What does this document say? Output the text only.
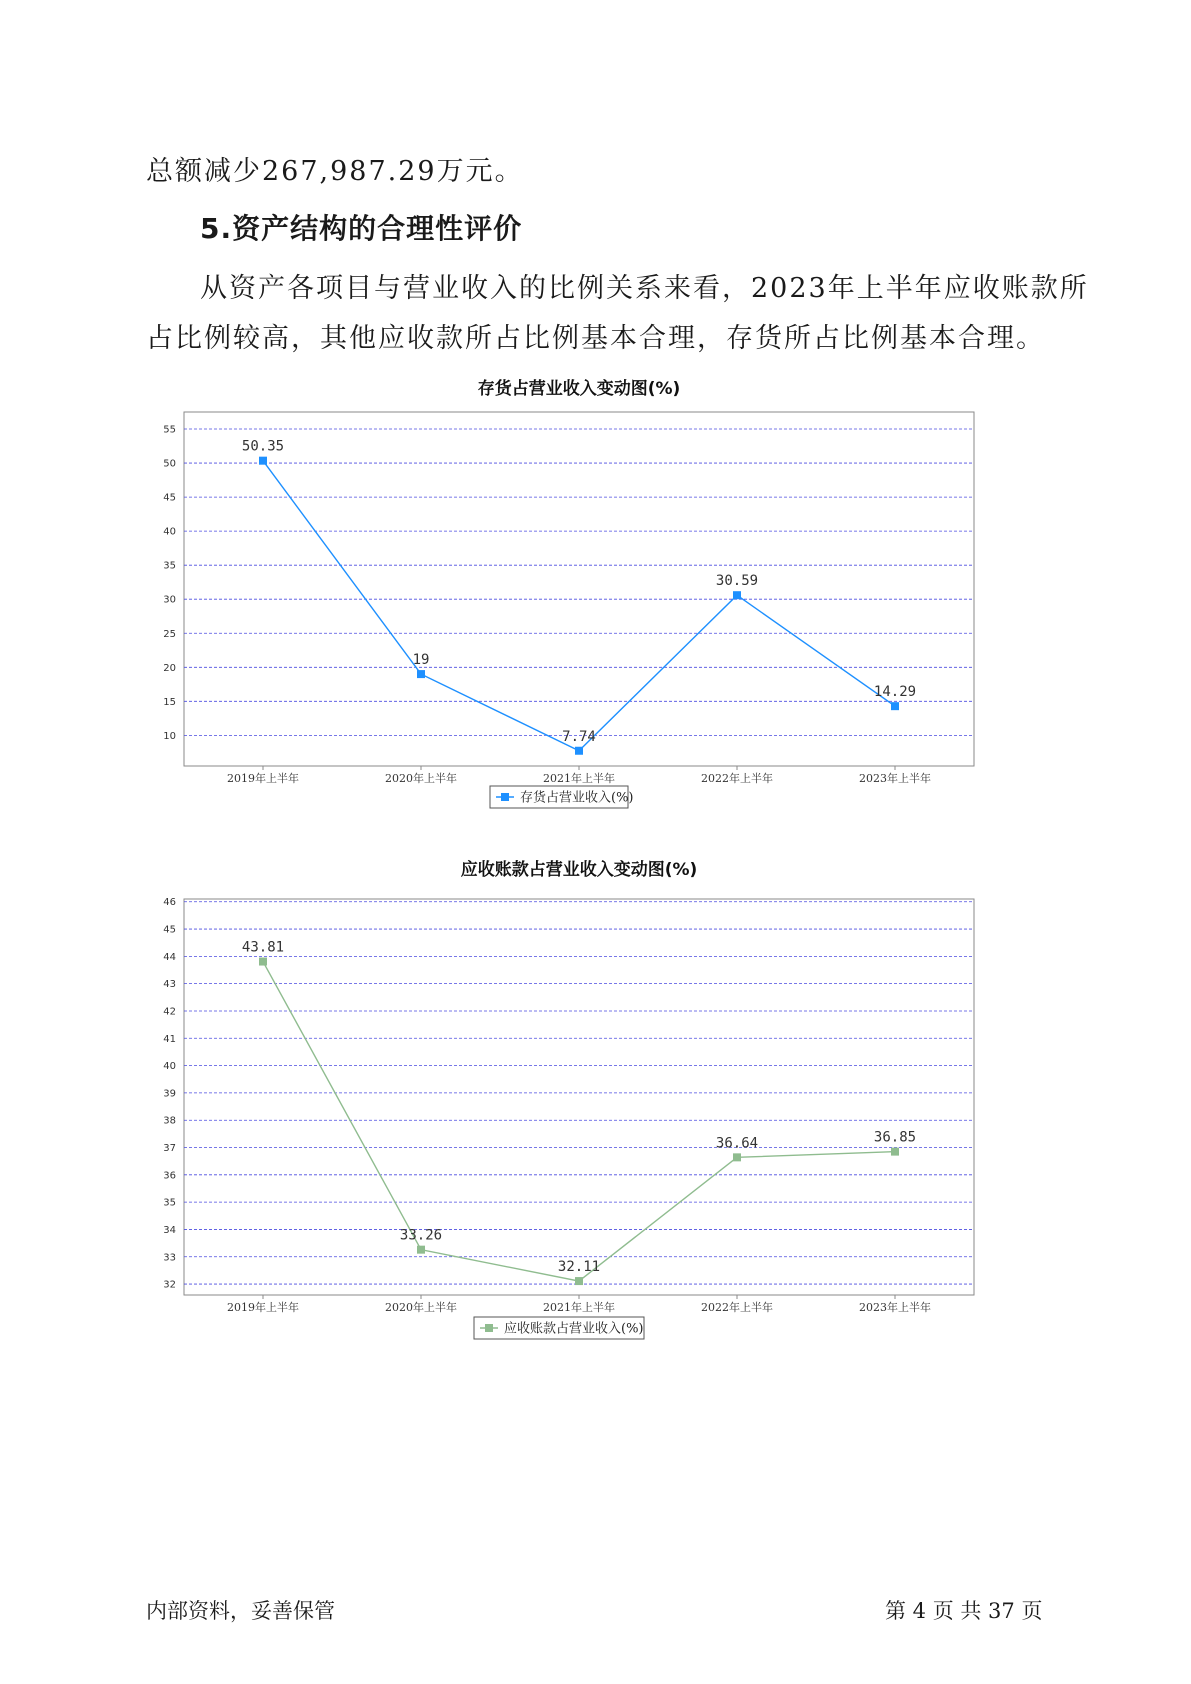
总额减少267,987.29万元。

5.资产结构的合理性评价

从资产各项目与营业收入的比例关系来看，2023年上半年应收账款所
占比例较高，其他应收款所占比例基本合理，存货所占比例基本合理。

存货占营业收入变动图(%)
10
15
20
25
30
35
40
45
50
55
2019年上半年	2020年上半年	2021年上半年	2022年上半年	2023年上半年
50.35
19
7.74
30.59
14.29
存货占营业收入(%)
应收账款占营业收入变动图(%)
32
33
34
35
36
37
38
39
40
41
42
43
44
45
46
2019年上半年	2020年上半年	2021年上半年	2022年上半年	2023年上半年
43.81
33.26
32.11
36.64	36.85
应收账款占营业收入(%)

内部资料，妥善保管	第 4 页 共 37 页
